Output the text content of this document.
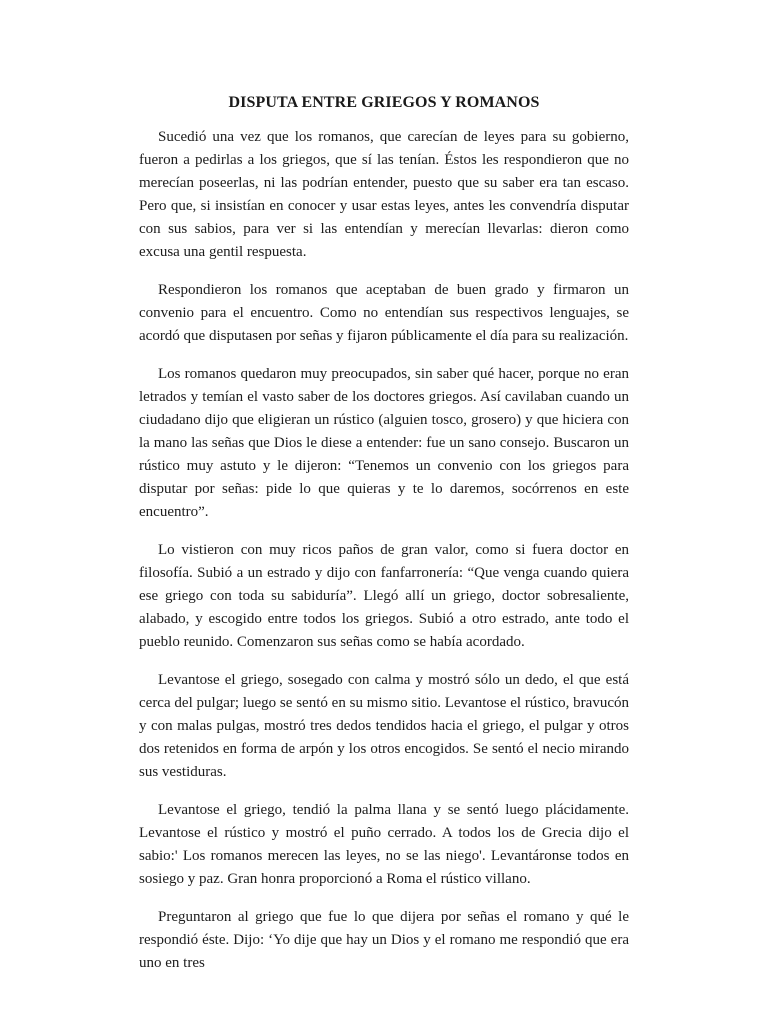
DISPUTA ENTRE GRIEGOS Y ROMANOS

Sucedió una vez que los romanos, que carecían de leyes para su gobierno, fueron a pedirlas a los griegos, que sí las tenían. Éstos les respondieron que no merecían poseerlas, ni las podrían entender, puesto que su saber era tan escaso. Pero que, si insistían en conocer y usar estas leyes, antes les convendría disputar con sus sabios, para ver si las entendían y merecían llevarlas: dieron como excusa una gentil respuesta.

Respondieron los romanos que aceptaban de buen grado y firmaron un convenio para el encuentro. Como no entendían sus respectivos lenguajes, se acordó que disputasen por señas y fijaron públicamente el día para su realización.

Los romanos quedaron muy preocupados, sin saber qué hacer, porque no eran letrados y temían el vasto saber de los doctores griegos. Así cavilaban cuando un ciudadano dijo que eligieran un rústico (alguien tosco, grosero) y que hiciera con la mano las señas que Dios le diese a entender: fue un sano consejo. Buscaron un rústico muy astuto y le dijeron: “Tenemos un convenio con los griegos para disputar por señas: pide lo que quieras y te lo daremos, socórrenos en este encuentro”.

Lo vistieron con muy ricos paños de gran valor, como si fuera doctor en filosofía. Subió a un estrado y dijo con fanfarronería: “Que venga cuando quiera ese griego con toda su sabiduría”. Llegó allí un griego, doctor sobresaliente, alabado, y escogido entre todos los griegos. Subió a otro estrado, ante todo el pueblo reunido. Comenzaron sus señas como se había acordado.

Levantose el griego, sosegado con calma y mostró sólo un dedo, el que está cerca del pulgar; luego se sentó en su mismo sitio. Levantose el rústico, bravucón y con malas pulgas, mostró tres dedos tendidos hacia el griego, el pulgar y otros dos retenidos en forma de arpón y los otros encogidos. Se sentó el necio mirando sus vestiduras.

Levantose el griego, tendió la palma llana y se sentó luego plácidamente. Levantose el rústico y mostró el puño cerrado. A todos los de Grecia dijo el sabio:' Los romanos merecen las leyes, no se las niego'. Levantáronse todos en sosiego y paz. Gran honra proporcionó a Roma el rústico villano.

Preguntaron al griego que fue lo que dijera por señas el romano y qué le respondió éste. Dijo: ‘Yo dije que hay un Dios y el romano me respondió que era uno en tres
